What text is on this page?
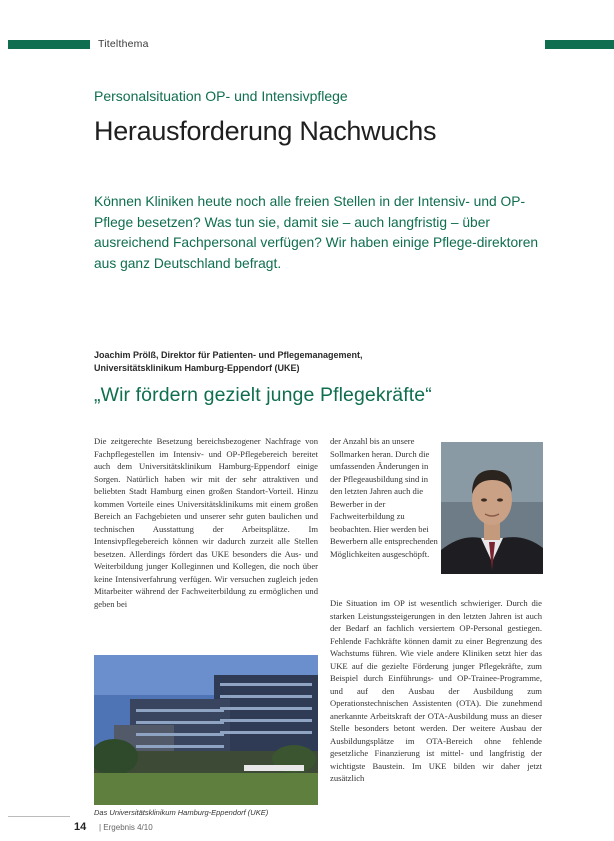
Titelthema
Personalsituation OP- und Intensivpflege
Herausforderung Nachwuchs
Können Kliniken heute noch alle freien Stellen in der Intensiv- und OP-Pflege besetzen? Was tun sie, damit sie – auch langfristig – über ausreichend Fachpersonal verfügen? Wir haben einige Pflege-direktoren aus ganz Deutschland befragt.
Joachim Prölß, Direktor für Patienten- und Pflegemanagement,
Universitätsklinikum Hamburg-Eppendorf (UKE)
„Wir fördern gezielt junge Pflegekräfte“

Die zeitgerechte Besetzung bereichsbezogener Nachfrage von Fachpflegestellen im Intensiv- und OP-Pflegebereich bereitet auch dem Universitätsklinikum Hamburg-Eppendorf einige Sorgen. Natürlich haben wir mit der sehr attraktiven und beliebten Stadt Hamburg einen großen Standort-Vorteil. Hinzu kommen Vorteile eines Universitätsklinikums mit einem großen Bereich an Fachgebieten und unserer sehr guten baulichen und technischen Ausstattung der Arbeitsplätze. Im Intensivpflegebereich können wir dadurch zurzeit alle Stellen besetzen. Allerdings fördert das UKE besonders die Aus- und Weiterbildung junger Kolleginnen und Kollegen, die noch über keine Intensiverfahrung verfügen. Wir versuchen zugleich jeden Mitarbeiter während der Fachweiterbildung zu ermöglichen und geben bei

der Anzahl bis an unsere Sollmarken heran. Durch die umfassenden Änderungen in der Pflegeausbildung sind in den letzten Jahren auch die Bewerber in der Fachweiterbildung zu beobachten. Hier werden bei Bewerbern alle entsprechenden Möglichkeiten ausgeschöpft.

Die Situation im OP ist wesentlich schwieriger. Durch die starken Leistungssteigerungen in den letzten Jahren ist auch der Bedarf an fachlich versiertem OP-Personal gestiegen. Fehlende Fachkräfte können damit zu einer Begrenzung des Wachstums führen. Wie viele andere Kliniken setzt hier das UKE auf die gezielte Förderung junger Pflegekräfte, zum Beispiel durch Einführungs- und OP-Trainee-Programme, und auf den Ausbau der Ausbildung zum Operationstechnischen Assistenten (OTA). Die zunehmend anerkannte Arbeitskraft der OTA-Ausbildung muss an dieser Stelle besonders betont werden. Der weitere Ausbau der Ausbildungsplätze im OTA-Bereich ohne fehlende gesetzliche Finanzierung ist mittel- und langfristig der wichtigste Baustein. Im UKE bilden wir daher jetzt zusätzlich

Das Universitätsklinikum Hamburg-Eppendorf (UKE)
14 | Ergebnis 4/10
